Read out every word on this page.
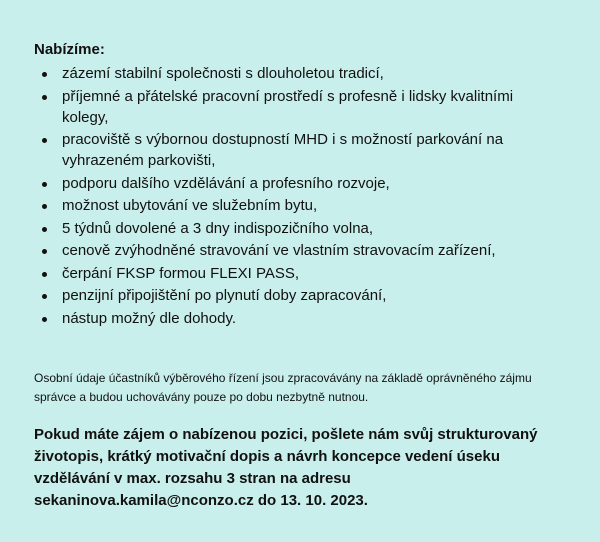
Nabízíme:

zázemí stabilní společnosti s dlouholetou tradicí,
příjemné a přátelské pracovní prostředí s profesně i lidsky kvalitními kolegy,
pracoviště s výbornou dostupností MHD i s možností parkování na vyhrazeném parkovišti,
podporu dalšího vzdělávání a profesního rozvoje,
možnost ubytování ve služebním bytu,
5 týdnů dovolené a 3 dny indispozičního volna,
cenově zvýhodněné stravování ve vlastním stravovacím zařízení,
čerpání FKSP formou FLEXI PASS,
penzijní připojištění po plynutí doby zapracování,
nástup možný dle dohody.

Osobní údaje účastníků výběrového řízení jsou zpracovávány na základě oprávněného zájmu správce a budou uchovávány pouze po dobu nezbytně nutnou.

Pokud máte zájem o nabízenou pozici, pošlete nám svůj strukturovaný životopis, krátký motivační dopis a návrh koncepce vedení úseku vzdělávání v max. rozsahu 3 stran na adresu sekaninova.kamila@nconzo.cz do 13. 10. 2023.
